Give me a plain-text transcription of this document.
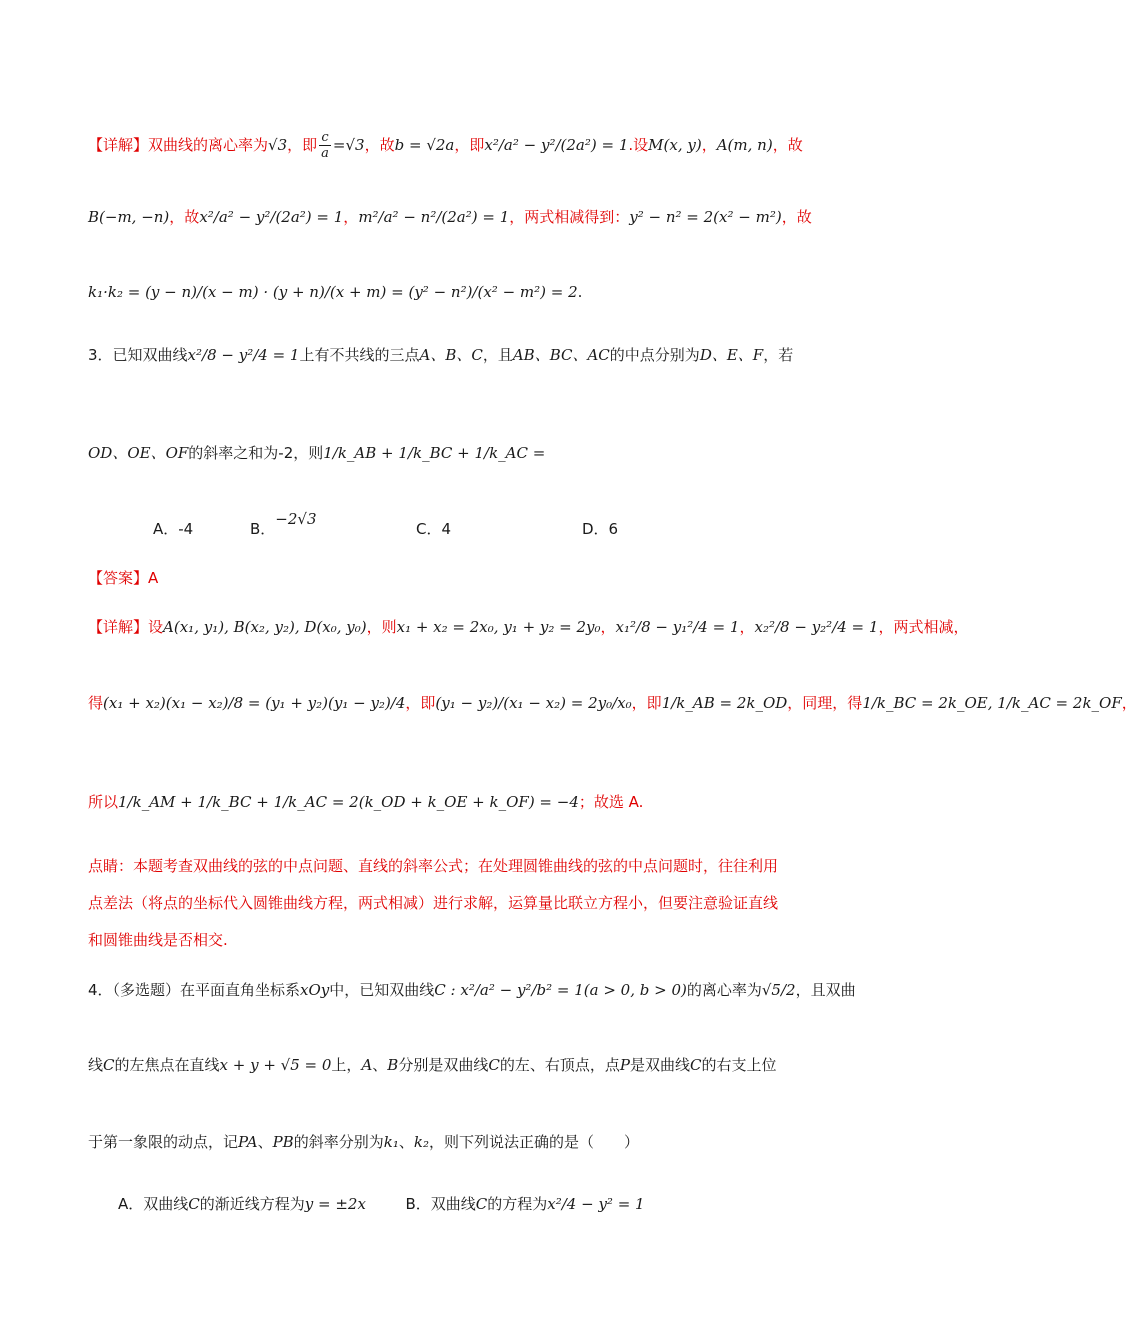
【详解】双曲线的离心率为√3，即 $\frac{c}{a} =√3$，故b = √2a，即x²/a² − y²/(2a²) = 1.设M(x, y)，A(m, n)，故
B(−m, −n)，故x²/a² − y²/(2a²) = 1，m²/a² − n²/(2a²) = 1，两式相减得到：y² − n² = 2(x² − m²)，故
k₁·k₂ = (y − n)/(x − m) · (y + n)/(x + m) = (y² − n²)/(x² − m²) = 2.
3．已知双曲线x²/8 − y²/4 = 1上有不共线的三点A、B、C，且AB、BC、AC的中点分别为D、E、F，若
OD、OE、OF的斜率之和为-2，则1/k_AB + 1/k_BC + 1/k_AC =
A．-4	B．−2√3
C．4	D．6
【答案】A
【详解】设A(x₁, y₁), B(x₂, y₂), D(x₀, y₀)，则x₁ + x₂ = 2x₀, y₁ + y₂ = 2y₀，x₁²/8 − y₁²/4 = 1，x₂²/8 − y₂²/4 = 1，两式相减，
得(x₁ + x₂)(x₁ − x₂)/8 = (y₁ + y₂)(y₁ − y₂)/4，即(y₁ − y₂)/(x₁ − x₂) = 2y₀/x₀，即1/k_AB = 2k_OD，同理，得1/k_BC = 2k_OE, 1/k_AC = 2k_OF，
所以1/k_AM + 1/k_BC + 1/k_AC = 2(k_OD + k_OE + k_OF) = −4；故选 A.
点睛：本题考查双曲线的弦的中点问题、直线的斜率公式；在处理圆锥曲线的弦的中点问题时，往往利用
点差法（将点的坐标代入圆锥曲线方程，两式相减）进行求解，运算量比联立方程小，但要注意验证直线
和圆锥曲线是否相交.
4．（多选题）在平面直角坐标系xOy中，已知双曲线C : x²/a² − y²/b² = 1(a > 0, b > 0)的离心率为√5/2，且双曲
线C的左焦点在直线x + y + √5 = 0上，A、B分别是双曲线C的左、右顶点，点P是双曲线C的右支上位
于第一象限的动点，记PA、PB的斜率分别为k₁、k₂，则下列说法正确的是（　　）
A．双曲线C的渐近线方程为y = ±2x	B．双曲线C的方程为x²/4 − y² = 1
